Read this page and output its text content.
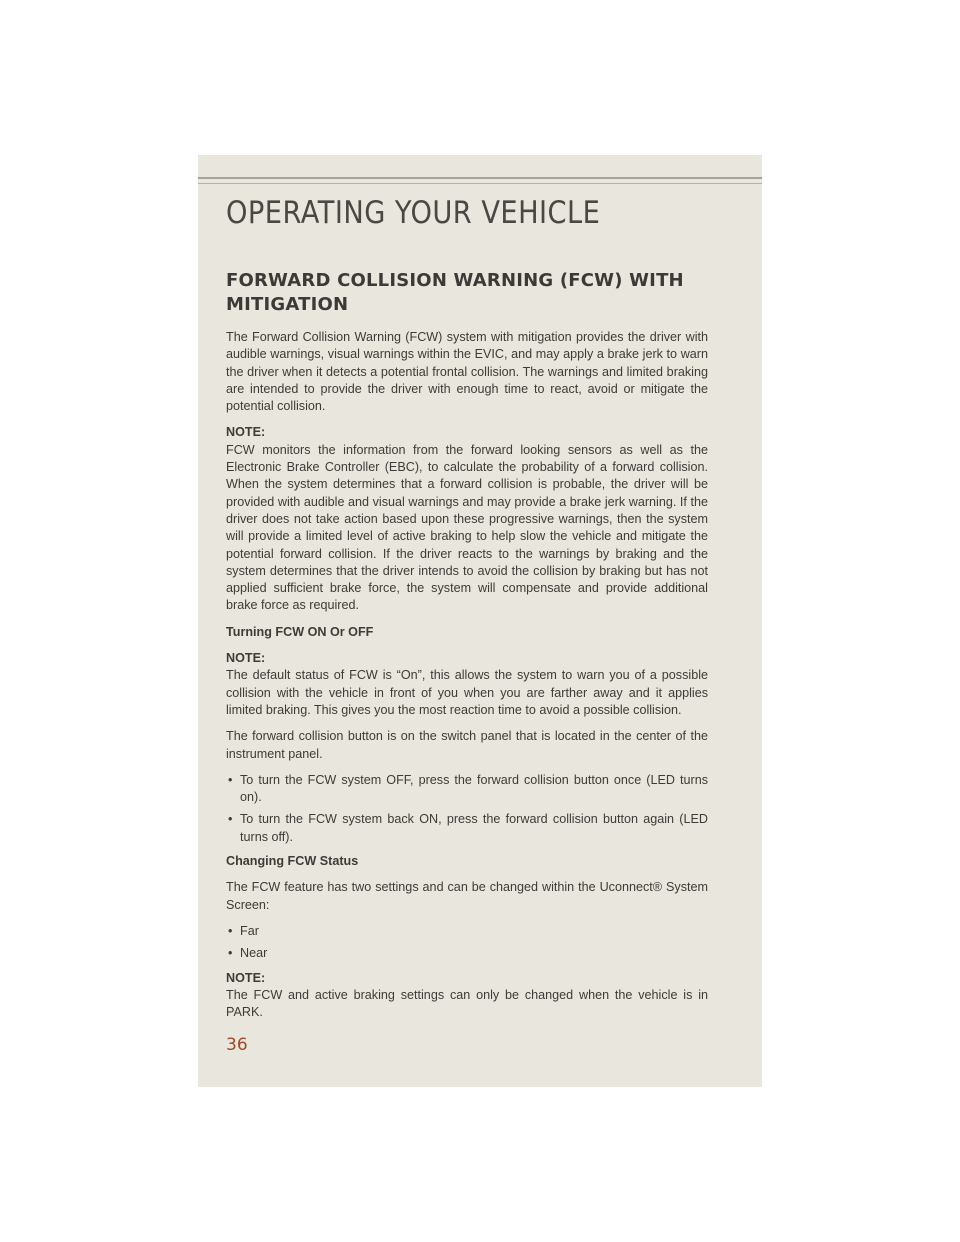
OPERATING YOUR VEHICLE
FORWARD COLLISION WARNING (FCW) WITH
MITIGATION

The Forward Collision Warning (FCW) system with mitigation provides the driver with audible warnings, visual warnings within the EVIC, and may apply a brake jerk to warn the driver when it detects a potential frontal collision. The warnings and limited braking are intended to provide the driver with enough time to react, avoid or mitigate the potential collision.

NOTE:
FCW monitors the information from the forward looking sensors as well as the Electronic Brake Controller (EBC), to calculate the probability of a forward collision. When the system determines that a forward collision is probable, the driver will be provided with audible and visual warnings and may provide a brake jerk warning. If the driver does not take action based upon these progressive warnings, then the system will provide a limited level of active braking to help slow the vehicle and mitigate the potential forward collision. If the driver reacts to the warnings by braking and the system determines that the driver intends to avoid the collision by braking but has not applied sufficient brake force, the system will compensate and provide additional brake force as required.

Turning FCW ON Or OFF

NOTE:
The default status of FCW is “On”, this allows the system to warn you of a possible collision with the vehicle in front of you when you are farther away and it applies limited braking. This gives you the most reaction time to avoid a possible collision.

The forward collision button is on the switch panel that is located in the center of the instrument panel.

• To turn the FCW system OFF, press the forward collision button once (LED turns on).
• To turn the FCW system back ON, press the forward collision button again (LED turns off).
Changing FCW Status

The FCW feature has two settings and can be changed within the Uconnect® System Screen:

• Far
• Near

NOTE:
The FCW and active braking settings can only be changed when the vehicle is in PARK.

36
